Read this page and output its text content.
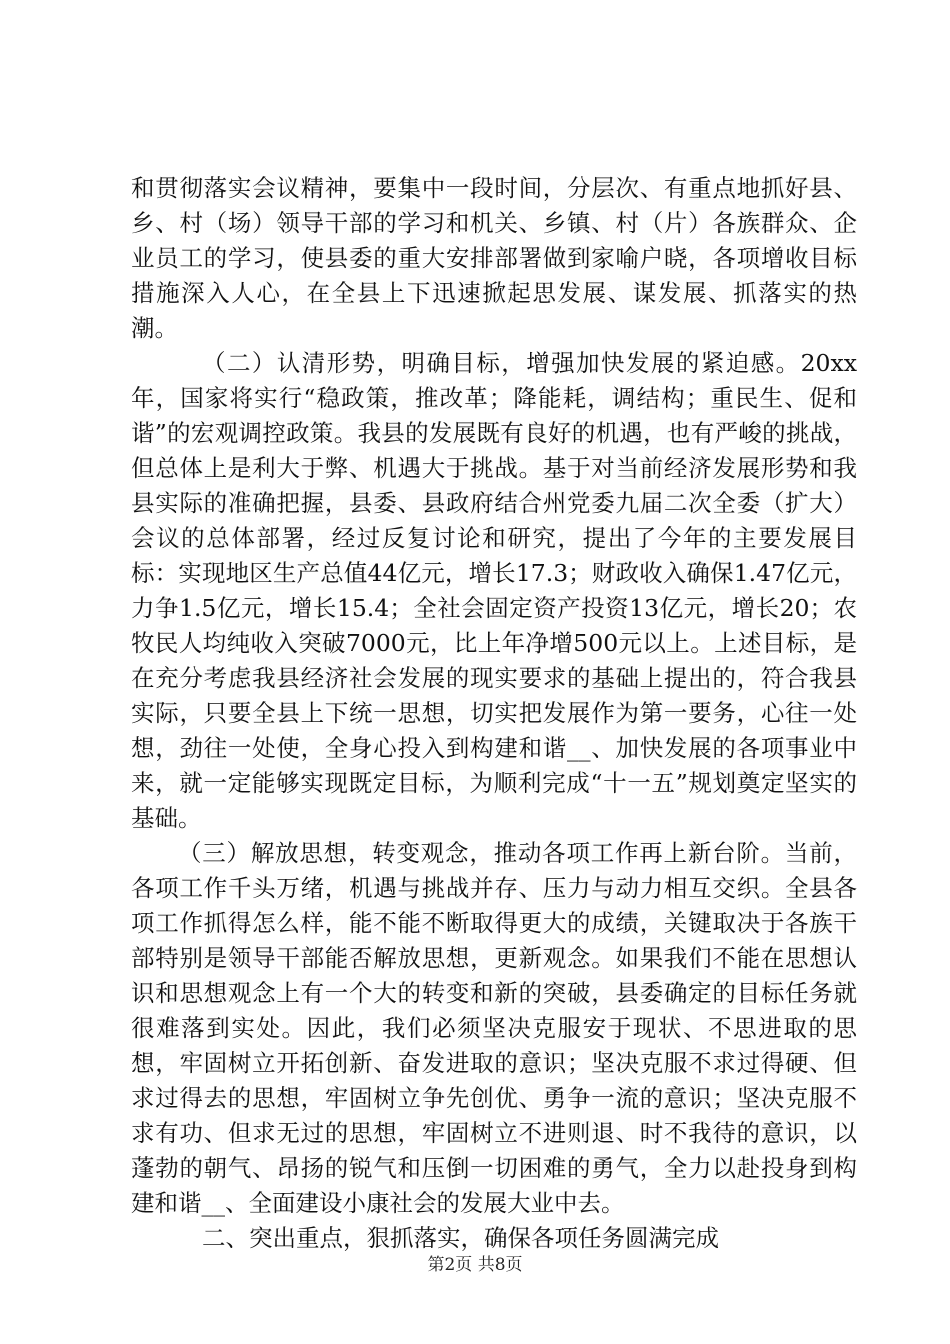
和贯彻落实会议精神，要集中一段时间，分层次、有重点地抓好县、乡、村（场）领导干部的学习和机关、乡镇、村（片）各族群众、企业员工的学习，使县委的重大安排部署做到家喻户晓，各项增收目标措施深入人心，在全县上下迅速掀起思发展、谋发展、抓落实的热潮。

（二）认清形势，明确目标，增强加快发展的紧迫感。20xx年，国家将实行“稳政策，推改革；降能耗，调结构；重民生、促和谐”的宏观调控政策。我县的发展既有良好的机遇，也有严峻的挑战，但总体上是利大于弊、机遇大于挑战。基于对当前经济发展形势和我县实际的准确把握，县委、县政府结合州党委九届二次全委（扩大）会议的总体部署，经过反复讨论和研究，提出了今年的主要发展目标：实现地区生产总值44亿元，增长17.3；财政收入确保1.47亿元，力争1.5亿元，增长15.4；全社会固定资产投资13亿元，增长20；农牧民人均纯收入突破7000元，比上年净增500元以上。上述目标，是在充分考虑我县经济社会发展的现实要求的基础上提出的，符合我县实际，只要全县上下统一思想，切实把发展作为第一要务，心往一处想，劲往一处使，全身心投入到构建和谐__、加快发展的各项事业中来，就一定能够实现既定目标，为顺利完成“十一五”规划奠定坚实的基础。

（三）解放思想，转变观念，推动各项工作再上新台阶。当前，各项工作千头万绪，机遇与挑战并存、压力与动力相互交织。全县各项工作抓得怎么样，能不能不断取得更大的成绩，关键取决于各族干部特别是领导干部能否解放思想，更新观念。如果我们不能在思想认识和思想观念上有一个大的转变和新的突破，县委确定的目标任务就很难落到实处。因此，我们必须坚决克服安于现状、不思进取的思想，牢固树立开拓创新、奋发进取的意识；坚决克服不求过得硬、但求过得去的思想，牢固树立争先创优、勇争一流的意识；坚决克服不求有功、但求无过的思想，牢固树立不进则退、时不我待的意识，以蓬勃的朝气、昂扬的锐气和压倒一切困难的勇气，全力以赴投身到构建和谐__、全面建设小康社会的发展大业中去。

二、突出重点，狠抓落实，确保各项任务圆满完成

第2页 共8页
